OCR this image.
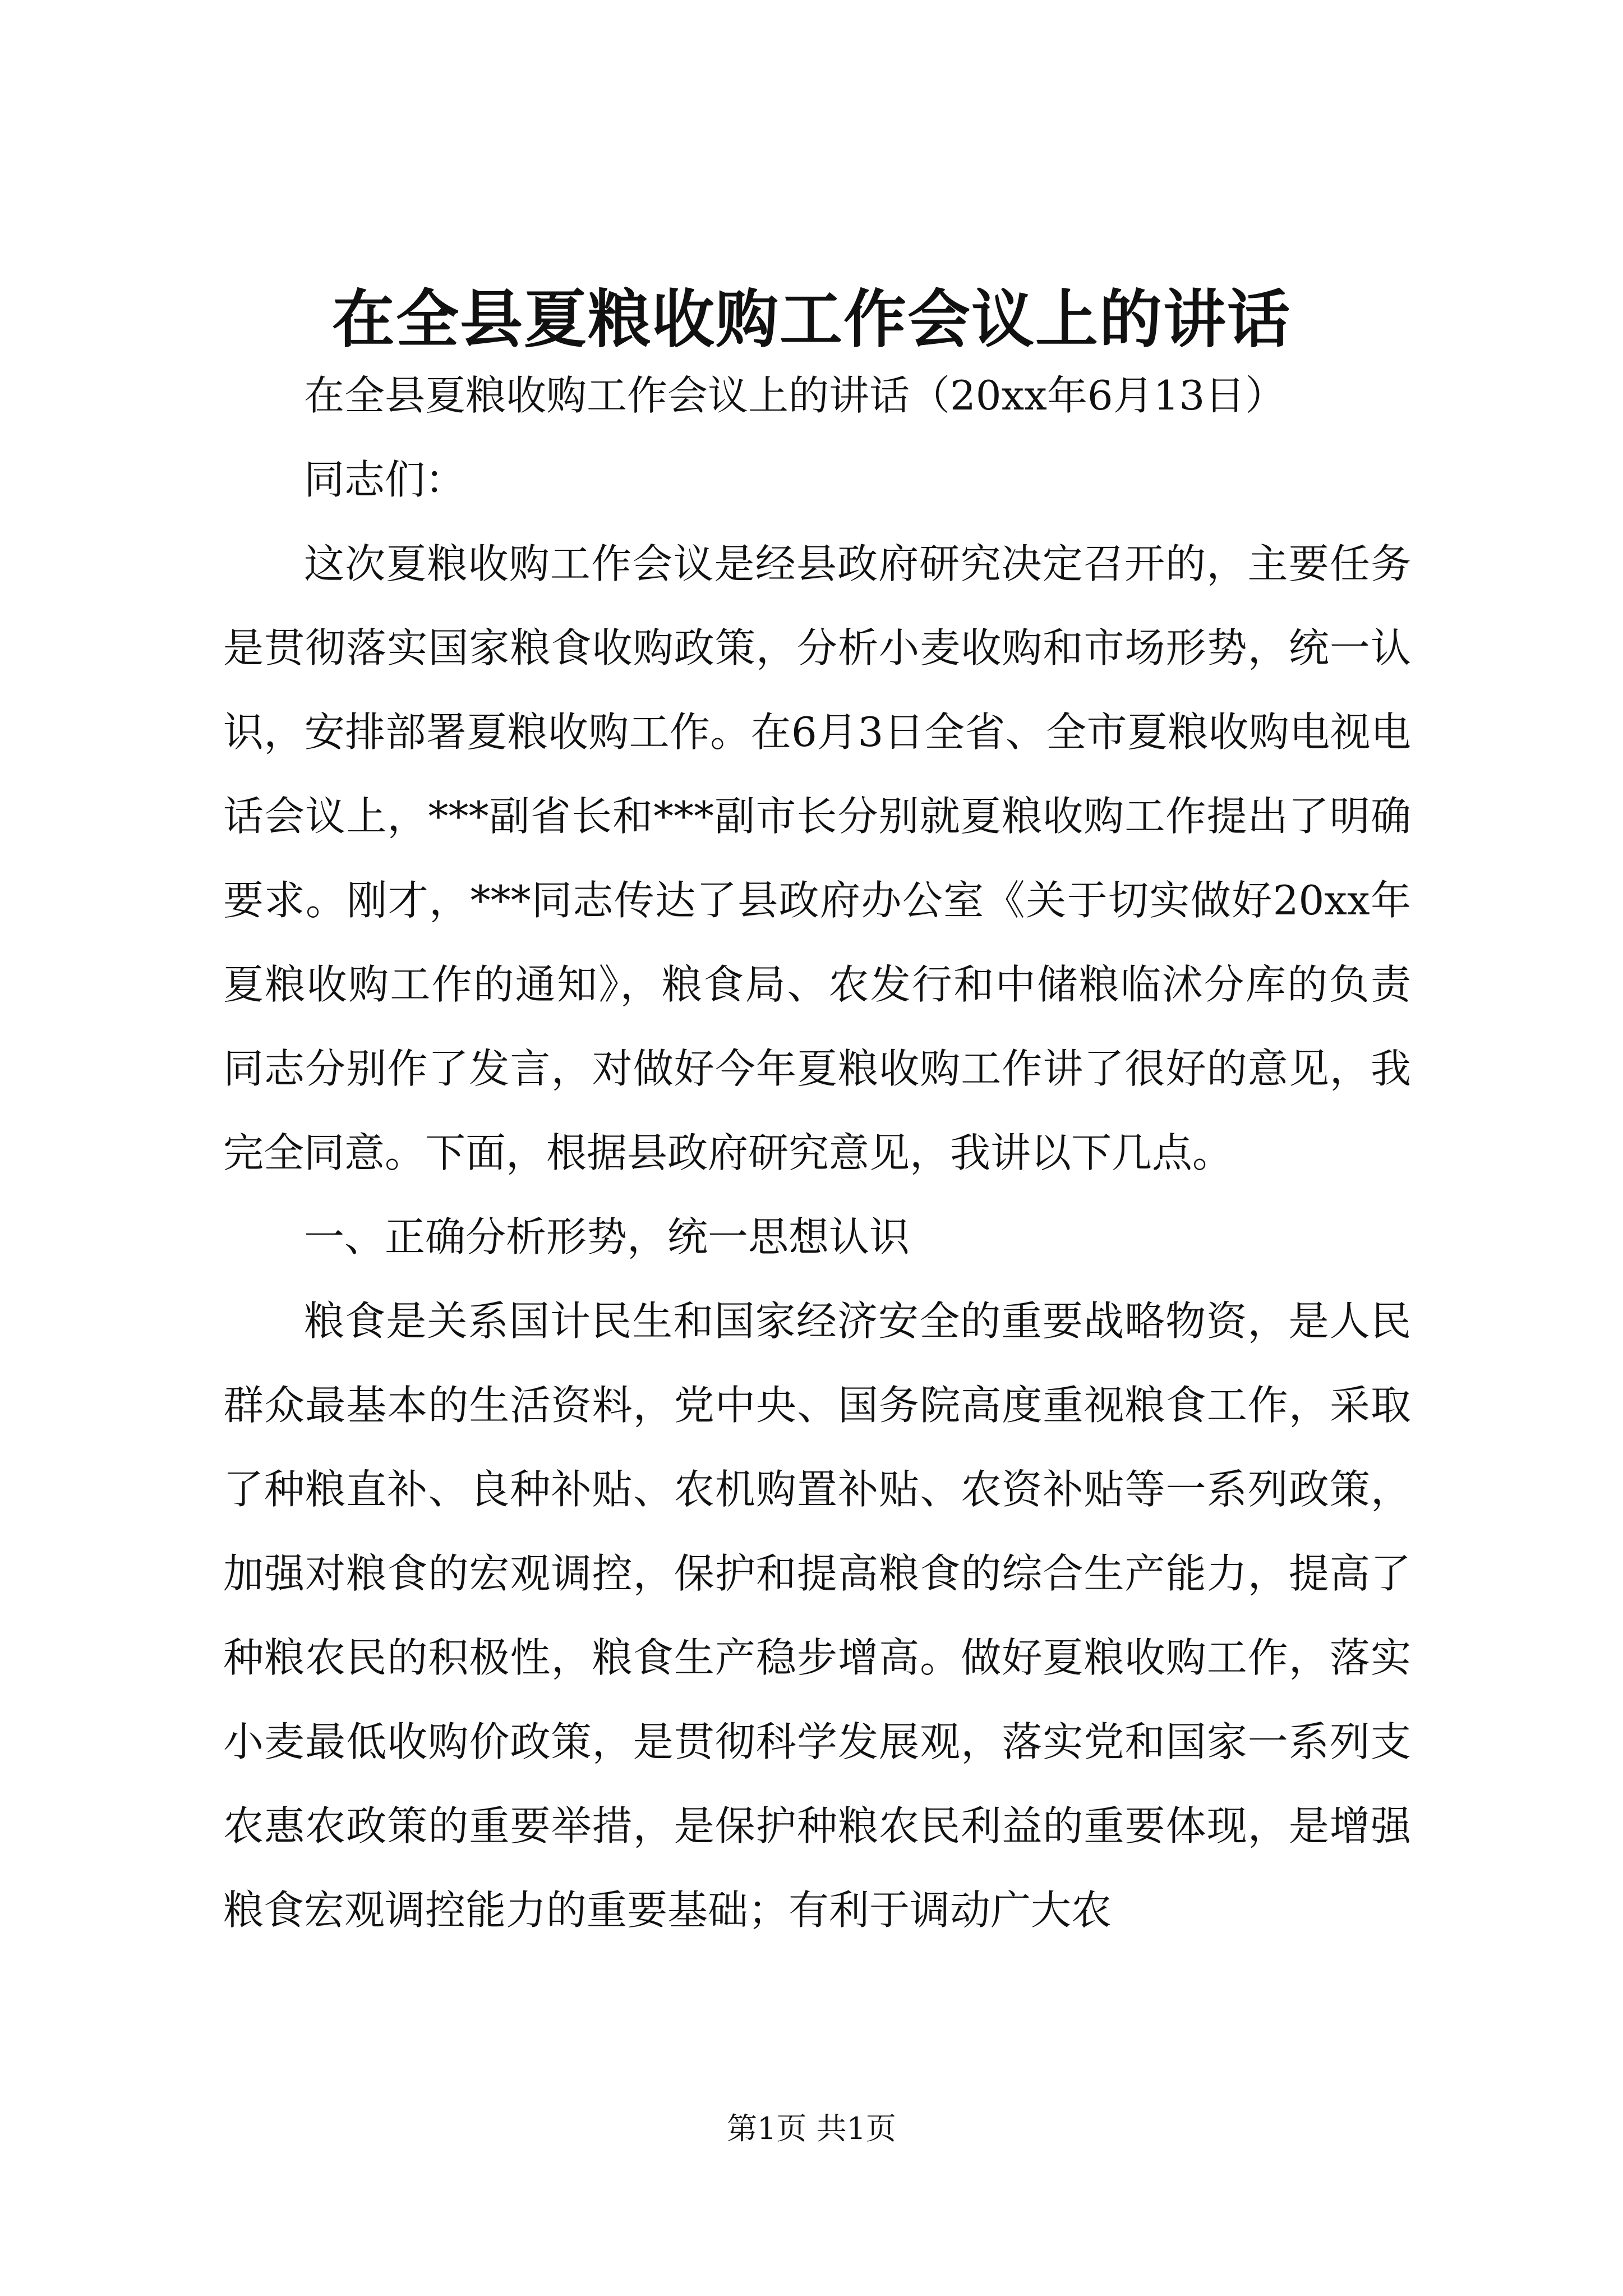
在全县夏粮收购工作会议上的讲话

在全县夏粮收购工作会议上的讲话（20xx年6月13日）

同志们：

这次夏粮收购工作会议是经县政府研究决定召开的，主要任务是贯彻落实国家粮食收购政策，分析小麦收购和市场形势，统一认识，安排部署夏粮收购工作。在6月3日全省、全市夏粮收购电视电话会议上，***副省长和***副市长分别就夏粮收购工作提出了明确要求。刚才，***同志传达了县政府办公室《关于切实做好20xx年夏粮收购工作的通知》，粮食局、农发行和中储粮临沭分库的负责同志分别作了发言，对做好今年夏粮收购工作讲了很好的意见，我完全同意。下面，根据县政府研究意见，我讲以下几点。

一、正确分析形势，统一思想认识

粮食是关系国计民生和国家经济安全的重要战略物资，是人民群众最基本的生活资料，党中央、国务院高度重视粮食工作，采取了种粮直补、良种补贴、农机购置补贴、农资补贴等一系列政策，加强对粮食的宏观调控，保护和提高粮食的综合生产能力，提高了种粮农民的积极性，粮食生产稳步增高。做好夏粮收购工作，落实小麦最低收购价政策，是贯彻科学发展观，落实党和国家一系列支农惠农政策的重要举措，是保护种粮农民利益的重要体现，是增强粮食宏观调控能力的重要基础；有利于调动广大农

第1页 共1页
